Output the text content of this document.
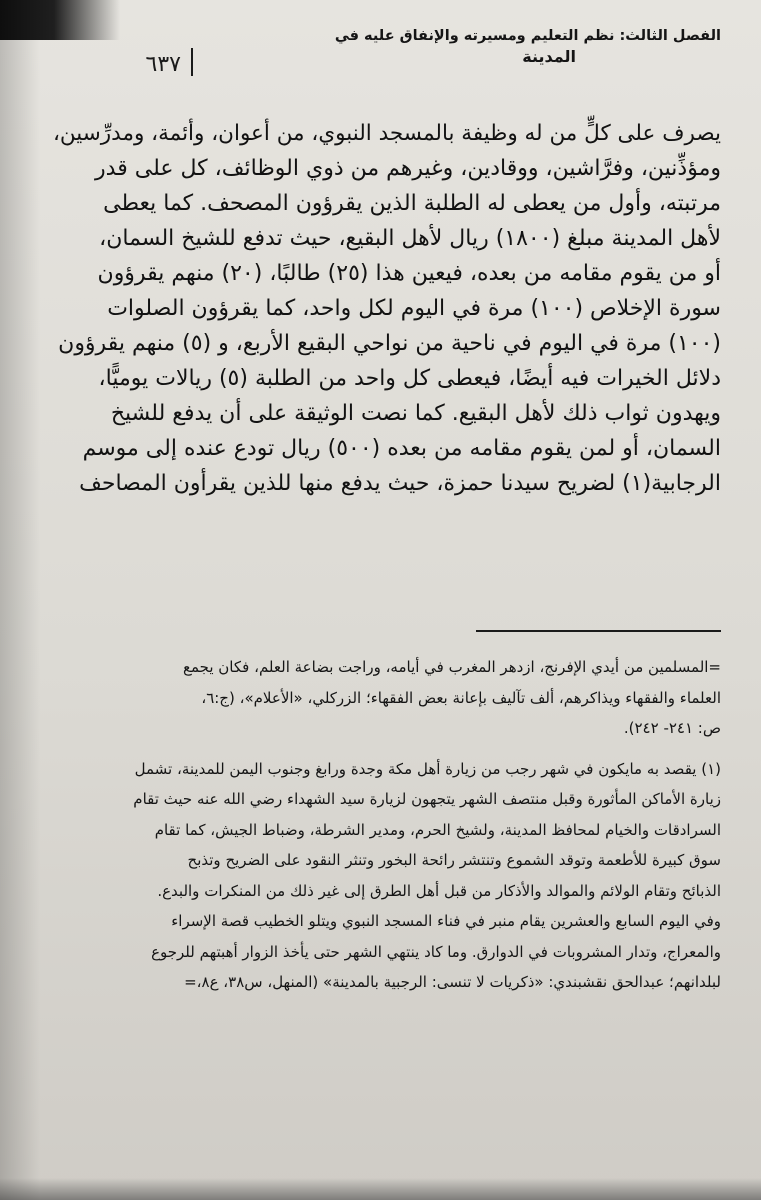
الفصل الثالث: نظم التعليم ومسيرته والإنفاق عليه في
المدينة
٦٣٧
يصرف على كلٍّ من له وظيفة بالمسجد النبوي، من أعوان، وأئمة، ومدرِّسين،
ومؤذِّنين، وفرَّاشين، ووقادين، وغيرهم من ذوي الوظائف، كل على قدر
مرتبته، وأول من يعطى له الطلبة الذين يقرؤون المصحف. كما يعطى
لأهل المدينة مبلغ (١٨٠٠) ريال لأهل البقيع، حيث تدفع للشيخ السمان،
أو من يقوم مقامه من بعده، فيعين هذا (٢٥) طالبًا، (٢٠) منهم يقرؤون
سورة الإخلاص (١٠٠) مرة في اليوم لكل واحد، كما يقرؤون الصلوات
(١٠٠) مرة في اليوم في ناحية من نواحي البقيع الأربع، و (٥) منهم يقرؤون
دلائل الخيرات فيه أيضًا، فيعطى كل واحد من الطلبة (٥) ريالات يوميًّا،
ويهدون ثواب ذلك لأهل البقيع. كما نصت الوثيقة على أن يدفع للشيخ
السمان، أو لمن يقوم مقامه من بعده (٥٠٠) ريال تودع عنده إلى موسم
الرجابية(١) لضريح سيدنا حمزة، حيث يدفع منها للذين يقرأون المصاحف
=المسلمين من أيدي الإفرنج، ازدهر المغرب في أيامه، وراجت بضاعة العلم، فكان يجمع
العلماء والفقهاء ويذاكرهم، ألف تآليف بإعانة بعض الفقهاء؛ الزركلي، «الأعلام»، (ج:٦،
ص: ٢٤١- ٢٤٢).
(١) يقصد به مايكون في شهر رجب من زيارة أهل مكة وجدة ورابغ وجنوب اليمن للمدينة، تشمل
زيارة الأماكن المأثورة وقبل منتصف الشهر يتجهون لزيارة سيد الشهداء رضي الله عنه حيث تقام
السرادقات والخيام لمحافظ المدينة، ولشيخ الحرم، ومدير الشرطة، وضباط الجيش، كما تقام
سوق كبيرة للأطعمة وتوقد الشموع وتنتشر رائحة البخور وتنثر النقود على الضريح وتذبح
الذبائح وتقام الولائم والموالد والأذكار من قبل أهل الطرق إلى غير ذلك من المنكرات والبدع.
وفي اليوم السابع والعشرين يقام منبر في فناء المسجد النبوي ويتلو الخطيب قصة الإسراء
والمعراج، وتدار المشروبات في الدوارق. وما كاد ينتهي الشهر حتى يأخذ الزوار أهبتهم للرجوع
لبلدانهم؛ عبدالحق نقشبندي: «ذكريات لا تنسى: الرجبية بالمدينة» (المنهل، س٣٨، ع٨،=
